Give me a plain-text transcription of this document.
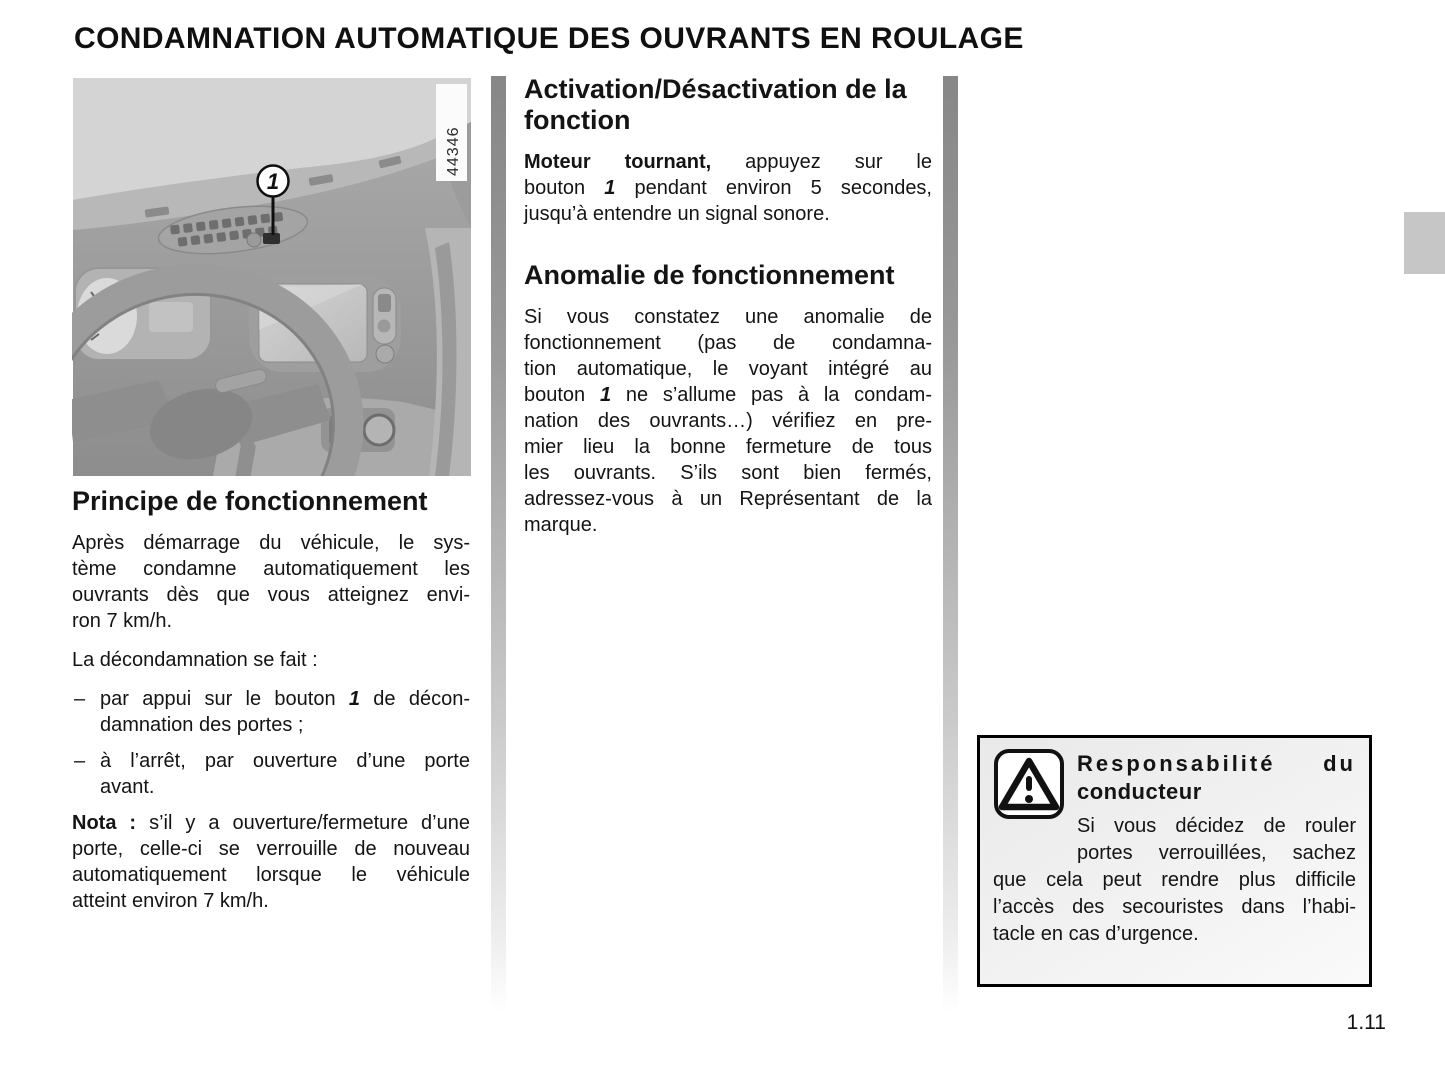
CONDAMNATION AUTOMATIQUE DES OUVRANTS EN ROULAGE
1
44346
Principe de fonctionnement
Après démarrage du véhicule, le sys-
tème condamne automatiquement les
ouvrants dès que vous atteignez envi-
ron 7 km/h.
La décondamnation se fait :
– par appui sur le bouton 1 de décon-
damnation des portes ;
– à l’arrêt, par ouverture d’une porte
avant.
Nota : s’il y a ouverture/fermeture d’une
porte, celle-ci se verrouille de nouveau
automatiquement lorsque le véhicule
atteint environ 7 km/h.
Activation/Désactivation de la
fonction
Moteur tournant, appuyez sur le
bouton 1 pendant environ 5 secondes,
jusqu’à entendre un signal sonore.
Anomalie de fonctionnement
Si vous constatez une anomalie de
fonctionnement (pas de condamna-
tion automatique, le voyant intégré au
bouton 1 ne s’allume pas à la condam-
nation des ouvrants…) vérifiez en pre-
mier lieu la bonne fermeture de tous
les ouvrants. S’ils sont bien fermés,
adressez-vous à un Représentant de la
marque.
Responsabilité du
conducteur
Si vous décidez de rouler
portes verrouillées, sachez
que cela peut rendre plus difficile
l’accès des secouristes dans l’habi-
tacle en cas d’urgence.
1.11
